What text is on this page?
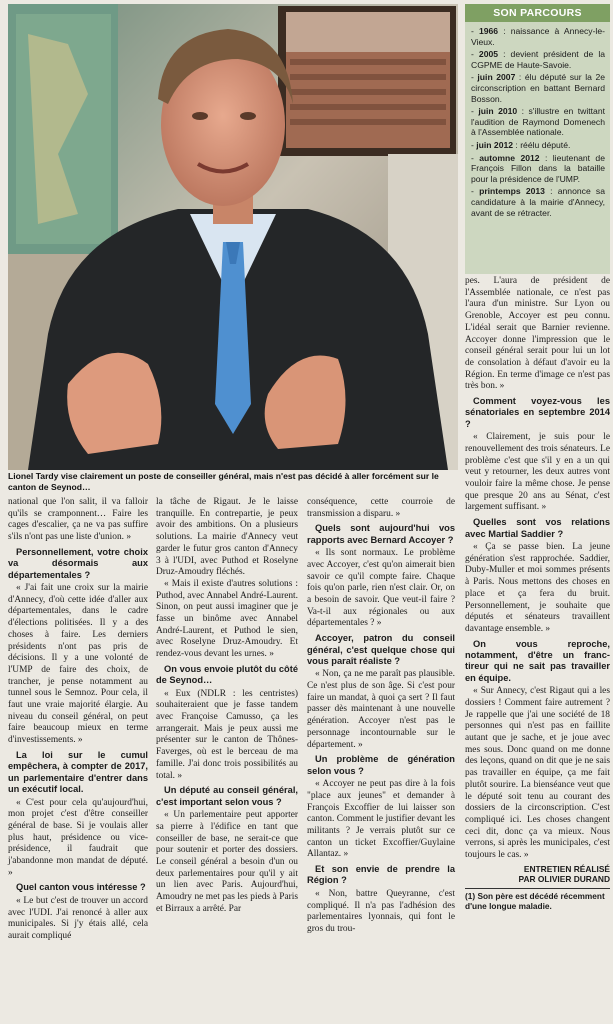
Lionel Tardy vise clairement un poste de conseiller général, mais n'est pas décidé à aller forcément sur le canton de Seynod…
SON PARCOURS
- 1966 : naissance à Annecy-le-Vieux.
- 2005 : devient président de la CGPME de Haute-Savoie.
- juin 2007 : élu député sur la 2e circonscription en battant Bernard Bosson.
- juin 2010 : s'illustre en twittant l'audition de Raymond Domenech à l'Assemblée nationale.
- juin 2012 : réélu député.
- automne 2012 : lieutenant de François Fillon dans la bataille pour la présidence de l'UMP.
- printemps 2013 : annonce sa candidature à la mairie d'Annecy, avant de se rétracter.

national que l'on salit, il va falloir qu'ils se cramponnent… Faire les cages d'escalier, ça ne va pas suffire s'ils n'ont pas une liste d'union. »

Personnellement, votre choix va désormais aux départementales ?

« J'ai fait une croix sur la mairie d'Annecy, d'où cette idée d'aller aux départementales, dans le cadre d'élections politisées. Il y a des choses à faire. Les derniers présidents n'ont pas pris de décisions. Il y a une volonté de l'UMP de faire des choix, de trancher, je pense notamment au tunnel sous le Semnoz. Pour cela, il faut une vraie majorité élargie. Au niveau du conseil général, on peut faire beaucoup mieux en terme d'investissements. »

La loi sur le cumul empêchera, à compter de 2017, un parlementaire d'entrer dans un exécutif local.

« C'est pour cela qu'aujourd'hui, mon projet c'est d'être conseiller général de base. Si je voulais aller plus haut, présidence ou vice-présidence, il faudrait que j'abandonne mon mandat de député. »

Quel canton vous intéresse ?

« Le but c'est de trouver un accord avec l'UDI. J'ai renoncé à aller aux municipales. Si j'y étais allé, cela aurait compliqué

la tâche de Rigaut. Je le laisse tranquille. En contrepartie, je peux avoir des ambitions. On a plusieurs solutions. La mairie d'Annecy veut garder le futur gros canton d'Annecy 3 à l'UDI, avec Puthod et Roselyne Druz-Amoudry fléchés.

« Mais il existe d'autres solutions : Puthod, avec Annabel André-Laurent. Sinon, on peut aussi imaginer que je fasse un binôme avec Annabel André-Laurent, et Puthod le sien, avec Roselyne Druz-Amoudry. Et rendez-vous devant les urnes. »

On vous envoie plutôt du côté de Seynod…

« Eux (NDLR : les centristes) souhaiteraient que je fasse tandem avec Françoise Camusso, ça les arrangerait. Mais je peux aussi me présenter sur le canton de Thônes-Faverges, où est le berceau de ma famille. J'ai donc trois possibilités au total. »

Un député au conseil général, c'est important selon vous ?

« Un parlementaire peut apporter sa pierre à l'édifice en tant que conseiller de base, ne serait-ce que pour soutenir et porter des dossiers. Le conseil général a besoin d'un ou deux parlementaires pour qu'il y ait un lien avec Paris. Aujourd'hui, Amoudry ne met pas les pieds à Paris et Birraux a arrêté. Par

conséquence, cette courroie de transmission a disparu. »

Quels sont aujourd'hui vos rapports avec Bernard Accoyer ?

« Ils sont normaux. Le problème avec Accoyer, c'est qu'on aimerait bien savoir ce qu'il compte faire. Chaque fois qu'on parle, rien n'est clair. Or, on a besoin de savoir. Que veut-il faire ? Va-t-il aux régionales ou aux départementales ? »

Accoyer, patron du conseil général, c'est quelque chose qui vous paraît réaliste ?

« Non, ça ne me paraît pas plausible. Ce n'est plus de son âge. Si c'est pour faire un mandat, à quoi ça sert ? Il faut passer dès maintenant à une nouvelle génération. Accoyer n'est pas le personnage incontournable sur le département. »

Un problème de génération selon vous ?

« Accoyer ne peut pas dire à la fois "place aux jeunes" et demander à François Excoffier de lui laisser son canton. Comment le justifier devant les militants ? Je verrais plutôt sur ce canton un ticket Excoffier/Guylaine Allantaz. »

Et son envie de prendre la Région ?

« Non, battre Queyranne, c'est compliqué. Il n'a pas l'adhésion des parlementaires lyonnais, qui font le gros du trou-

pes. L'aura de président de l'Assemblée nationale, ce n'est pas l'aura d'un ministre. Sur Lyon ou Grenoble, Accoyer est peu connu. L'idéal serait que Barnier revienne. Accoyer donne l'impression que le conseil général serait pour lui un lot de consolation à défaut d'avoir eu la Région. En terme d'image ce n'est pas très bon. »

Comment voyez-vous les sénatoriales en septembre 2014 ?

« Clairement, je suis pour le renouvellement des trois sénateurs. Le problème c'est que s'il y en a un qui veut y retourner, les deux autres vont vouloir faire la même chose. Je pense que presque 20 ans au Sénat, c'est largement suffisant. »

Quelles sont vos relations avec Martial Saddier ?

« Ça se passe bien. La jeune génération s'est rapprochée. Saddier, Duby-Muller et moi sommes présents à Paris. Nous mettons des choses en place et ça fera du bruit. Personnellement, je souhaite que députés et sénateurs travaillent davantage ensemble. »

On vous reproche, notamment, d'être un franc-tireur qui ne sait pas travailler en équipe.

« Sur Annecy, c'est Rigaut qui a les dossiers ! Comment faire autrement ? Je rappelle que j'ai une société de 18 personnes qui n'est pas en faillite autant que je sache, et je joue avec mes sous. Donc quand on me donne des leçons, quand on dit que je ne sais pas travailler en équipe, ça me fait plutôt sourire. La bienséance veut que le député soit tenu au courant des dossiers de la circonscription. C'est compliqué ici. Les choses changent ceci dit, donc ça va mieux. Nous verrons, si après les municipales, c'est toujours le cas. »

ENTRETIEN RÉALISÉ
PAR OLIVIER DURAND
(1) Son père est décédé récemment d'une longue maladie.
